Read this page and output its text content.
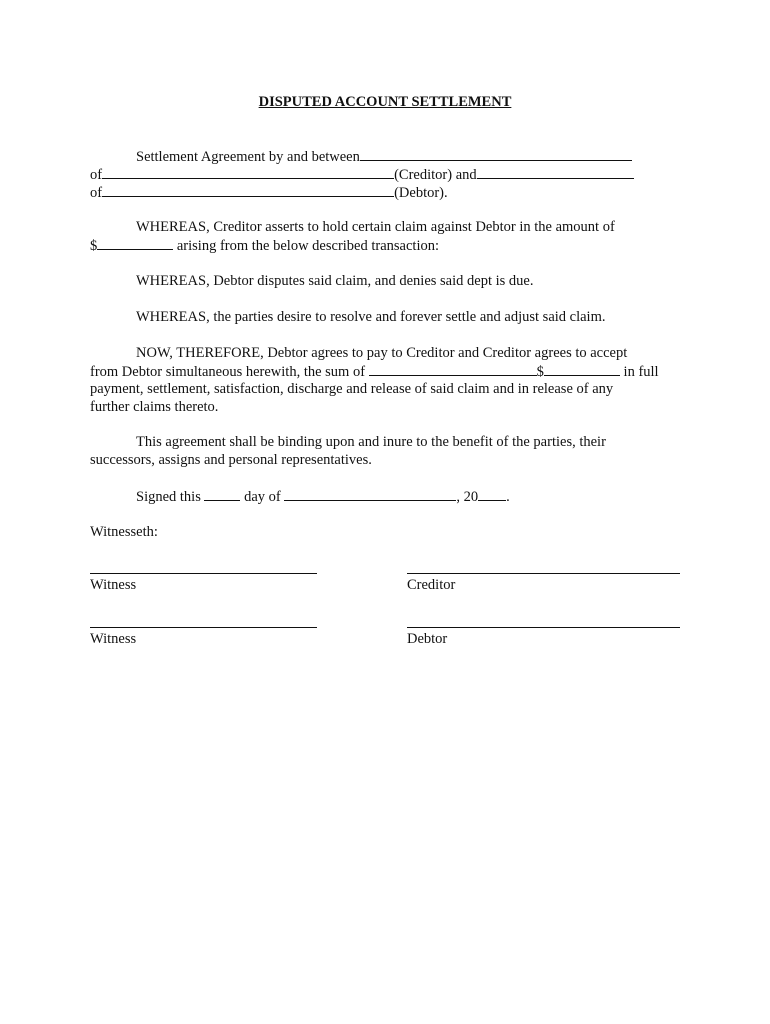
DISPUTED ACCOUNT SETTLEMENT
Settlement Agreement by and between
of	(Creditor) and
of	(Debtor).
WHEREAS, Creditor asserts to hold certain claim against Debtor in the amount of
$	arising from the below described transaction:
WHEREAS, Debtor disputes said claim, and denies said dept is due.
WHEREAS, the parties desire to resolve and forever settle and adjust said claim.
NOW, THEREFORE, Debtor agrees to pay to Creditor and Creditor agrees to accept
from Debtor simultaneous herewith, the sum of	$	in full
payment, settlement, satisfaction, discharge and release of said claim and in release of any
further claims thereto.
This agreement shall be binding upon and inure to the benefit of the parties, their
successors, assigns and personal representatives.
Signed this	day of	, 20 .
Witnesseth:
Witness	Creditor
Witness	Debtor
